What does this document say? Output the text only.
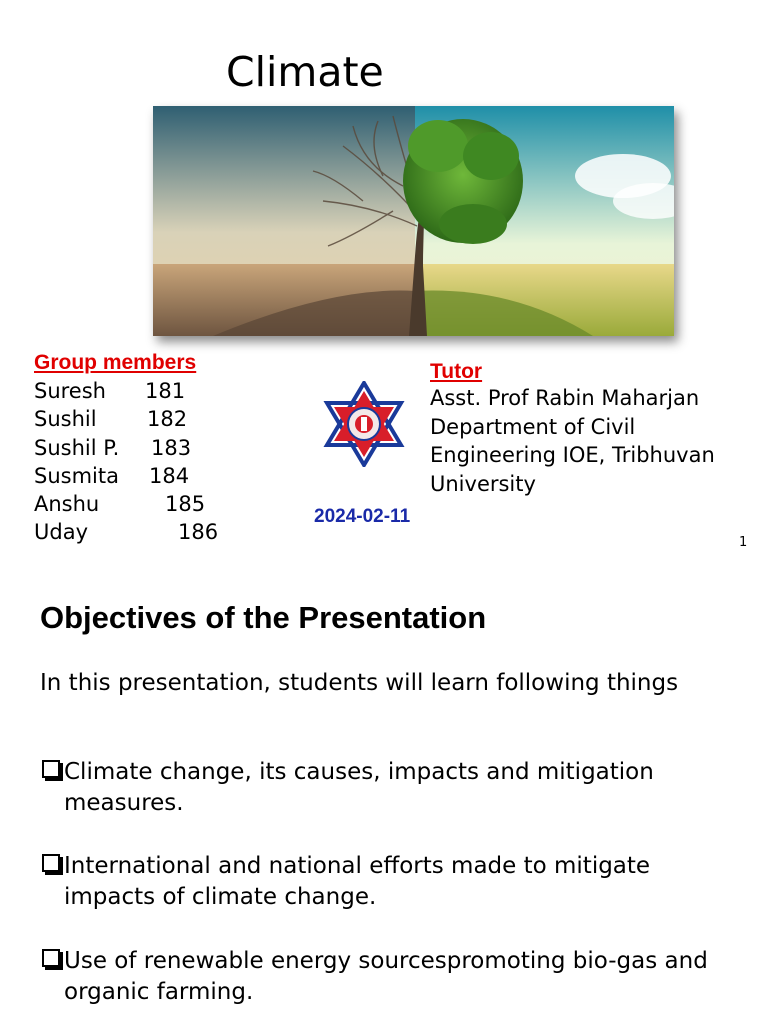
Climate
Group members
Suresh 181
Sushil 182
Sushil P. 183
Susmita 184
Anshu	185
Uday	186
2024-02-11
Tutor
Asst. Prof Rabin Maharjan
Department of Civil
Engineering IOE, Tribhuvan
University
1
Objectives of the Presentation
In this presentation, students will learn following things
Climate change, its causes, impacts and mitigation measures.
International and national efforts made to mitigate impacts of climate change.
Use of renewable energy sourcespromoting bio-gas and organic farming.
